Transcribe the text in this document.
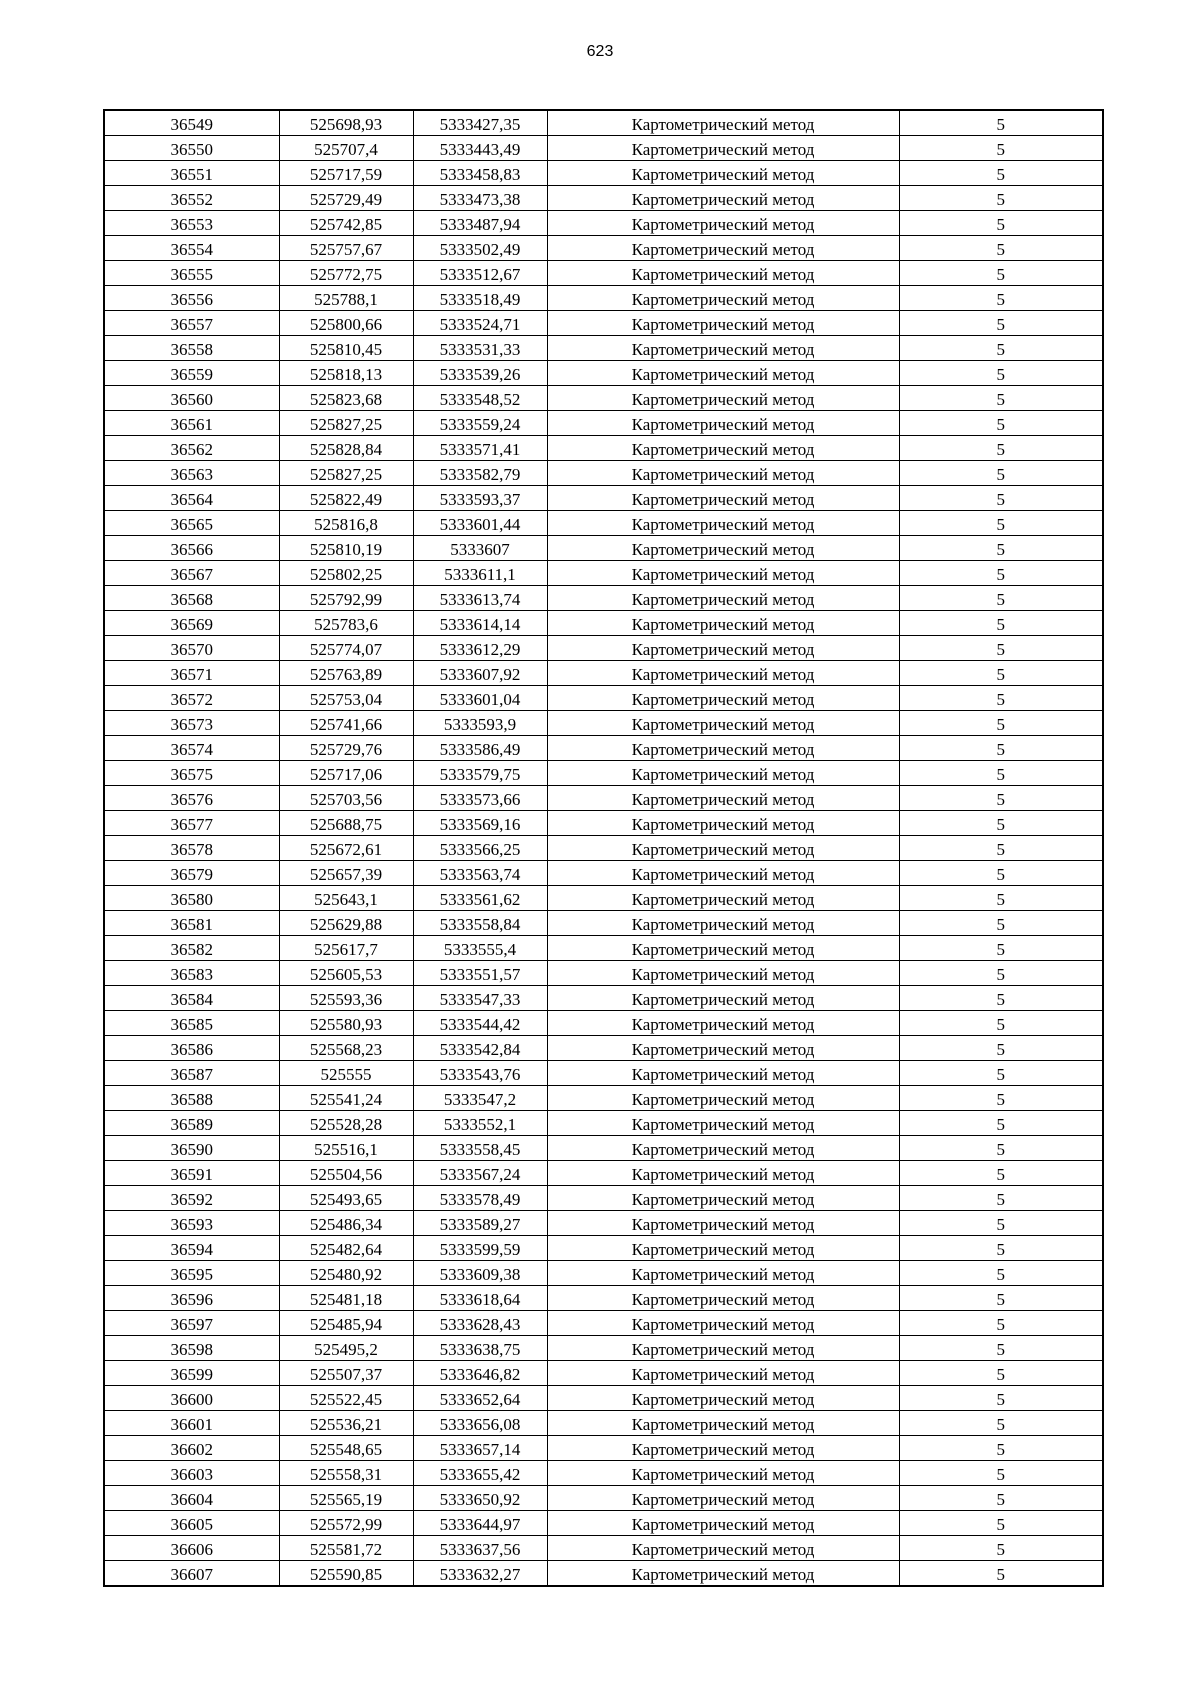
623
36549	525698,93	5333427,35	Картометрический метод	5
36550	525707,4	5333443,49	Картометрический метод	5
36551	525717,59	5333458,83	Картометрический метод	5
36552	525729,49	5333473,38	Картометрический метод	5
36553	525742,85	5333487,94	Картометрический метод	5
36554	525757,67	5333502,49	Картометрический метод	5
36555	525772,75	5333512,67	Картометрический метод	5
36556	525788,1	5333518,49	Картометрический метод	5
36557	525800,66	5333524,71	Картометрический метод	5
36558	525810,45	5333531,33	Картометрический метод	5
36559	525818,13	5333539,26	Картометрический метод	5
36560	525823,68	5333548,52	Картометрический метод	5
36561	525827,25	5333559,24	Картометрический метод	5
36562	525828,84	5333571,41	Картометрический метод	5
36563	525827,25	5333582,79	Картометрический метод	5
36564	525822,49	5333593,37	Картометрический метод	5
36565	525816,8	5333601,44	Картометрический метод	5
36566	525810,19	5333607	Картометрический метод	5
36567	525802,25	5333611,1	Картометрический метод	5
36568	525792,99	5333613,74	Картометрический метод	5
36569	525783,6	5333614,14	Картометрический метод	5
36570	525774,07	5333612,29	Картометрический метод	5
36571	525763,89	5333607,92	Картометрический метод	5
36572	525753,04	5333601,04	Картометрический метод	5
36573	525741,66	5333593,9	Картометрический метод	5
36574	525729,76	5333586,49	Картометрический метод	5
36575	525717,06	5333579,75	Картометрический метод	5
36576	525703,56	5333573,66	Картометрический метод	5
36577	525688,75	5333569,16	Картометрический метод	5
36578	525672,61	5333566,25	Картометрический метод	5
36579	525657,39	5333563,74	Картометрический метод	5
36580	525643,1	5333561,62	Картометрический метод	5
36581	525629,88	5333558,84	Картометрический метод	5
36582	525617,7	5333555,4	Картометрический метод	5
36583	525605,53	5333551,57	Картометрический метод	5
36584	525593,36	5333547,33	Картометрический метод	5
36585	525580,93	5333544,42	Картометрический метод	5
36586	525568,23	5333542,84	Картометрический метод	5
36587	525555	5333543,76	Картометрический метод	5
36588	525541,24	5333547,2	Картометрический метод	5
36589	525528,28	5333552,1	Картометрический метод	5
36590	525516,1	5333558,45	Картометрический метод	5
36591	525504,56	5333567,24	Картометрический метод	5
36592	525493,65	5333578,49	Картометрический метод	5
36593	525486,34	5333589,27	Картометрический метод	5
36594	525482,64	5333599,59	Картометрический метод	5
36595	525480,92	5333609,38	Картометрический метод	5
36596	525481,18	5333618,64	Картометрический метод	5
36597	525485,94	5333628,43	Картометрический метод	5
36598	525495,2	5333638,75	Картометрический метод	5
36599	525507,37	5333646,82	Картометрический метод	5
36600	525522,45	5333652,64	Картометрический метод	5
36601	525536,21	5333656,08	Картометрический метод	5
36602	525548,65	5333657,14	Картометрический метод	5
36603	525558,31	5333655,42	Картометрический метод	5
36604	525565,19	5333650,92	Картометрический метод	5
36605	525572,99	5333644,97	Картометрический метод	5
36606	525581,72	5333637,56	Картометрический метод	5
36607	525590,85	5333632,27	Картометрический метод	5
